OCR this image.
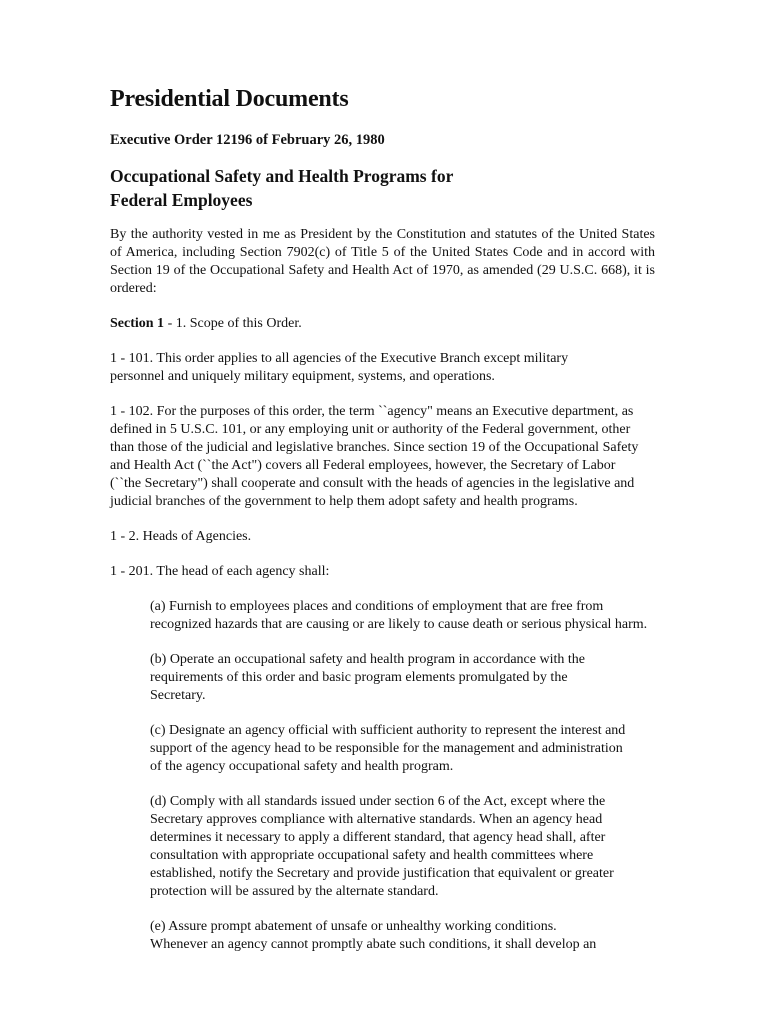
Presidential Documents
Executive Order 12196 of February 26, 1980
Occupational Safety and Health Programs for
Federal Employees

By the authority vested in me as President by the Constitution and statutes of the United States of America, including Section 7902(c) of Title 5 of the United States Code and in accord with Section 19 of the Occupational Safety and Health Act of 1970, as amended (29 U.S.C. 668), it is ordered:

Section 1 - 1. Scope of this Order.

1 - 101. This order applies to all agencies of the Executive Branch except military
personnel and uniquely military equipment, systems, and operations.

1 - 102. For the purposes of this order, the term ``agency" means an Executive department, as
defined in 5 U.S.C. 101, or any employing unit or authority of the Federal government, other
than those of the judicial and legislative branches. Since section 19 of the Occupational Safety
and Health Act (``the Act") covers all Federal employees, however, the Secretary of Labor
(``the Secretary") shall cooperate and consult with the heads of agencies in the legislative and
judicial branches of the government to help them adopt safety and health programs.

1 - 2. Heads of Agencies.

1 - 201. The head of each agency shall:

(a) Furnish to employees places and conditions of employment that are free from
recognized hazards that are causing or are likely to cause death or serious physical harm.
(b) Operate an occupational safety and health program in accordance with the
requirements of this order and basic program elements promulgated by the
Secretary.
(c) Designate an agency official with sufficient authority to represent the interest and
support of the agency head to be responsible for the management and administration
of the agency occupational safety and health program.
(d) Comply with all standards issued under section 6 of the Act, except where the
Secretary approves compliance with alternative standards. When an agency head
determines it necessary to apply a different standard, that agency head shall, after
consultation with appropriate occupational safety and health committees where
established, notify the Secretary and provide justification that equivalent or greater
protection will be assured by the alternate standard.
(e) Assure prompt abatement of unsafe or unhealthy working conditions.
Whenever an agency cannot promptly abate such conditions, it shall develop an
